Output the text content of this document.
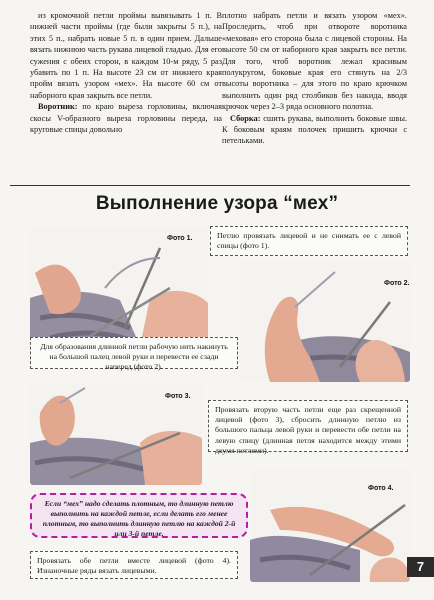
из кромочной петли проймы вывязывать 1 п. В нижней части проймы (где были закрыты 5 п.), на этих 5 п., набрать новые 5 п. в один прием. Дальше вязать нижнюю часть рукава лицевой гладью. Для его сужения с обеих сторон, в каждом 10-м ряду, 5 раз убавить по 1 п. На высоте 23 см от нижнего края пройм вязать узором «мех». На высоте 60 см от наборного края закрыть все петли.

Воротник: по краю выреза горловины, включая скосы V-образного выреза горловины переда, на круговые спицы довольно

плотно набрать петли и вязать узором «мех». Проследить, чтоб при отвороте воротника «меховая» его сторона была с лицевой стороны. На высоте 50 см от наборного края закрыть все петли. Для того, чтоб воротник лежал красивым полукругом, боковые края его стянуть на 2/3 высоты воротника – для этого по краю крючком выполнить один ряд столбиков без накида, вводя крючок через 2–3 ряда основного полотна.

Сборка: сшить рукава, выполнить боковые швы. К боковым краям полочек пришить крючки с петельками.

Выполнение узора “мех”
Фото 1.	Петлю провязать лицевой и не снимать ее с левой спицы (фото 1).
Фото 2.
Для образования длинной петли рабочую нить накинуть на большой палец левой руки и перевести ее сзади наперед (фото 2).
Фото 3.
Провязать вторую часть петли еще раз скрещенной лицевой (фото 3), сбросить длинную петлю из большого пальца левой руки и перевести обе петли на левую спицу (длинная петля находится между этими двумя петлями).
Фото 4.
Если “мех” надо сделать плотным, то длинную петлю выполнить на каждой петле, если делать его менее плотным, то выполнить длинную петлю на каждой 2-й или 3-й петле.
Провязать обе петли вместе лицевой (фото 4). Изнаночные ряды вязать лицевыми.	7
